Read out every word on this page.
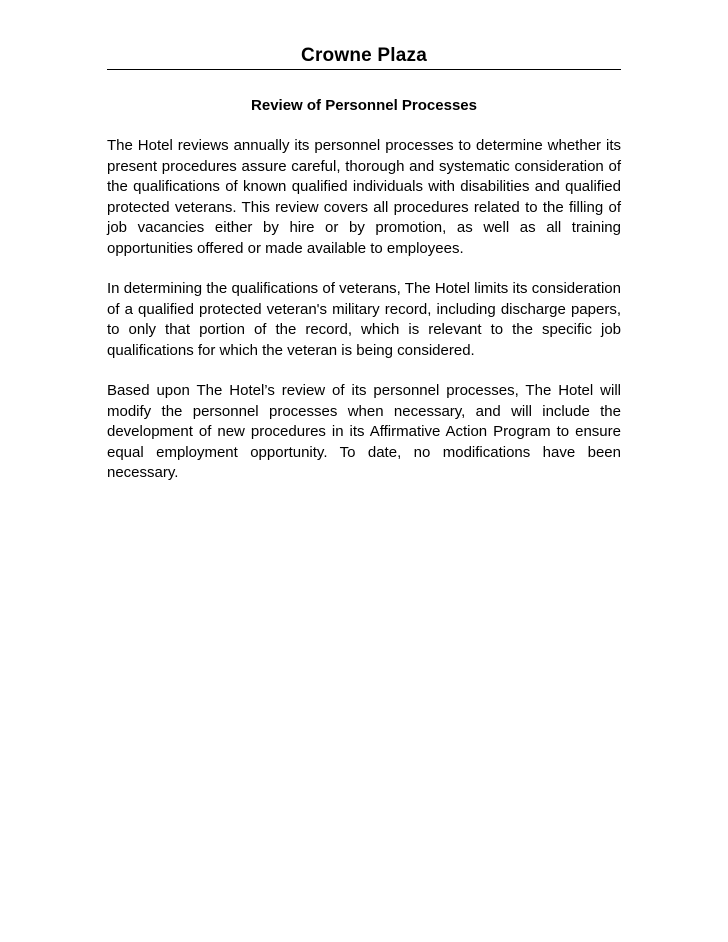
Crowne Plaza
Review of Personnel Processes

The Hotel reviews annually its personnel processes to determine whether its present procedures assure careful, thorough and systematic consideration of the qualifications of known qualified individuals with disabilities and qualified protected veterans. This review covers all procedures related to the filling of job vacancies either by hire or by promotion, as well as all training opportunities offered or made available to employees.

In determining the qualifications of veterans, The Hotel limits its consideration of a qualified protected veteran's military record, including discharge papers, to only that portion of the record, which is relevant to the specific job qualifications for which the veteran is being considered.

Based upon The Hotel’s review of its personnel processes, The Hotel will modify the personnel processes when necessary, and will include the development of new procedures in its Affirmative Action Program to ensure equal employment opportunity. To date, no modifications have been necessary.
